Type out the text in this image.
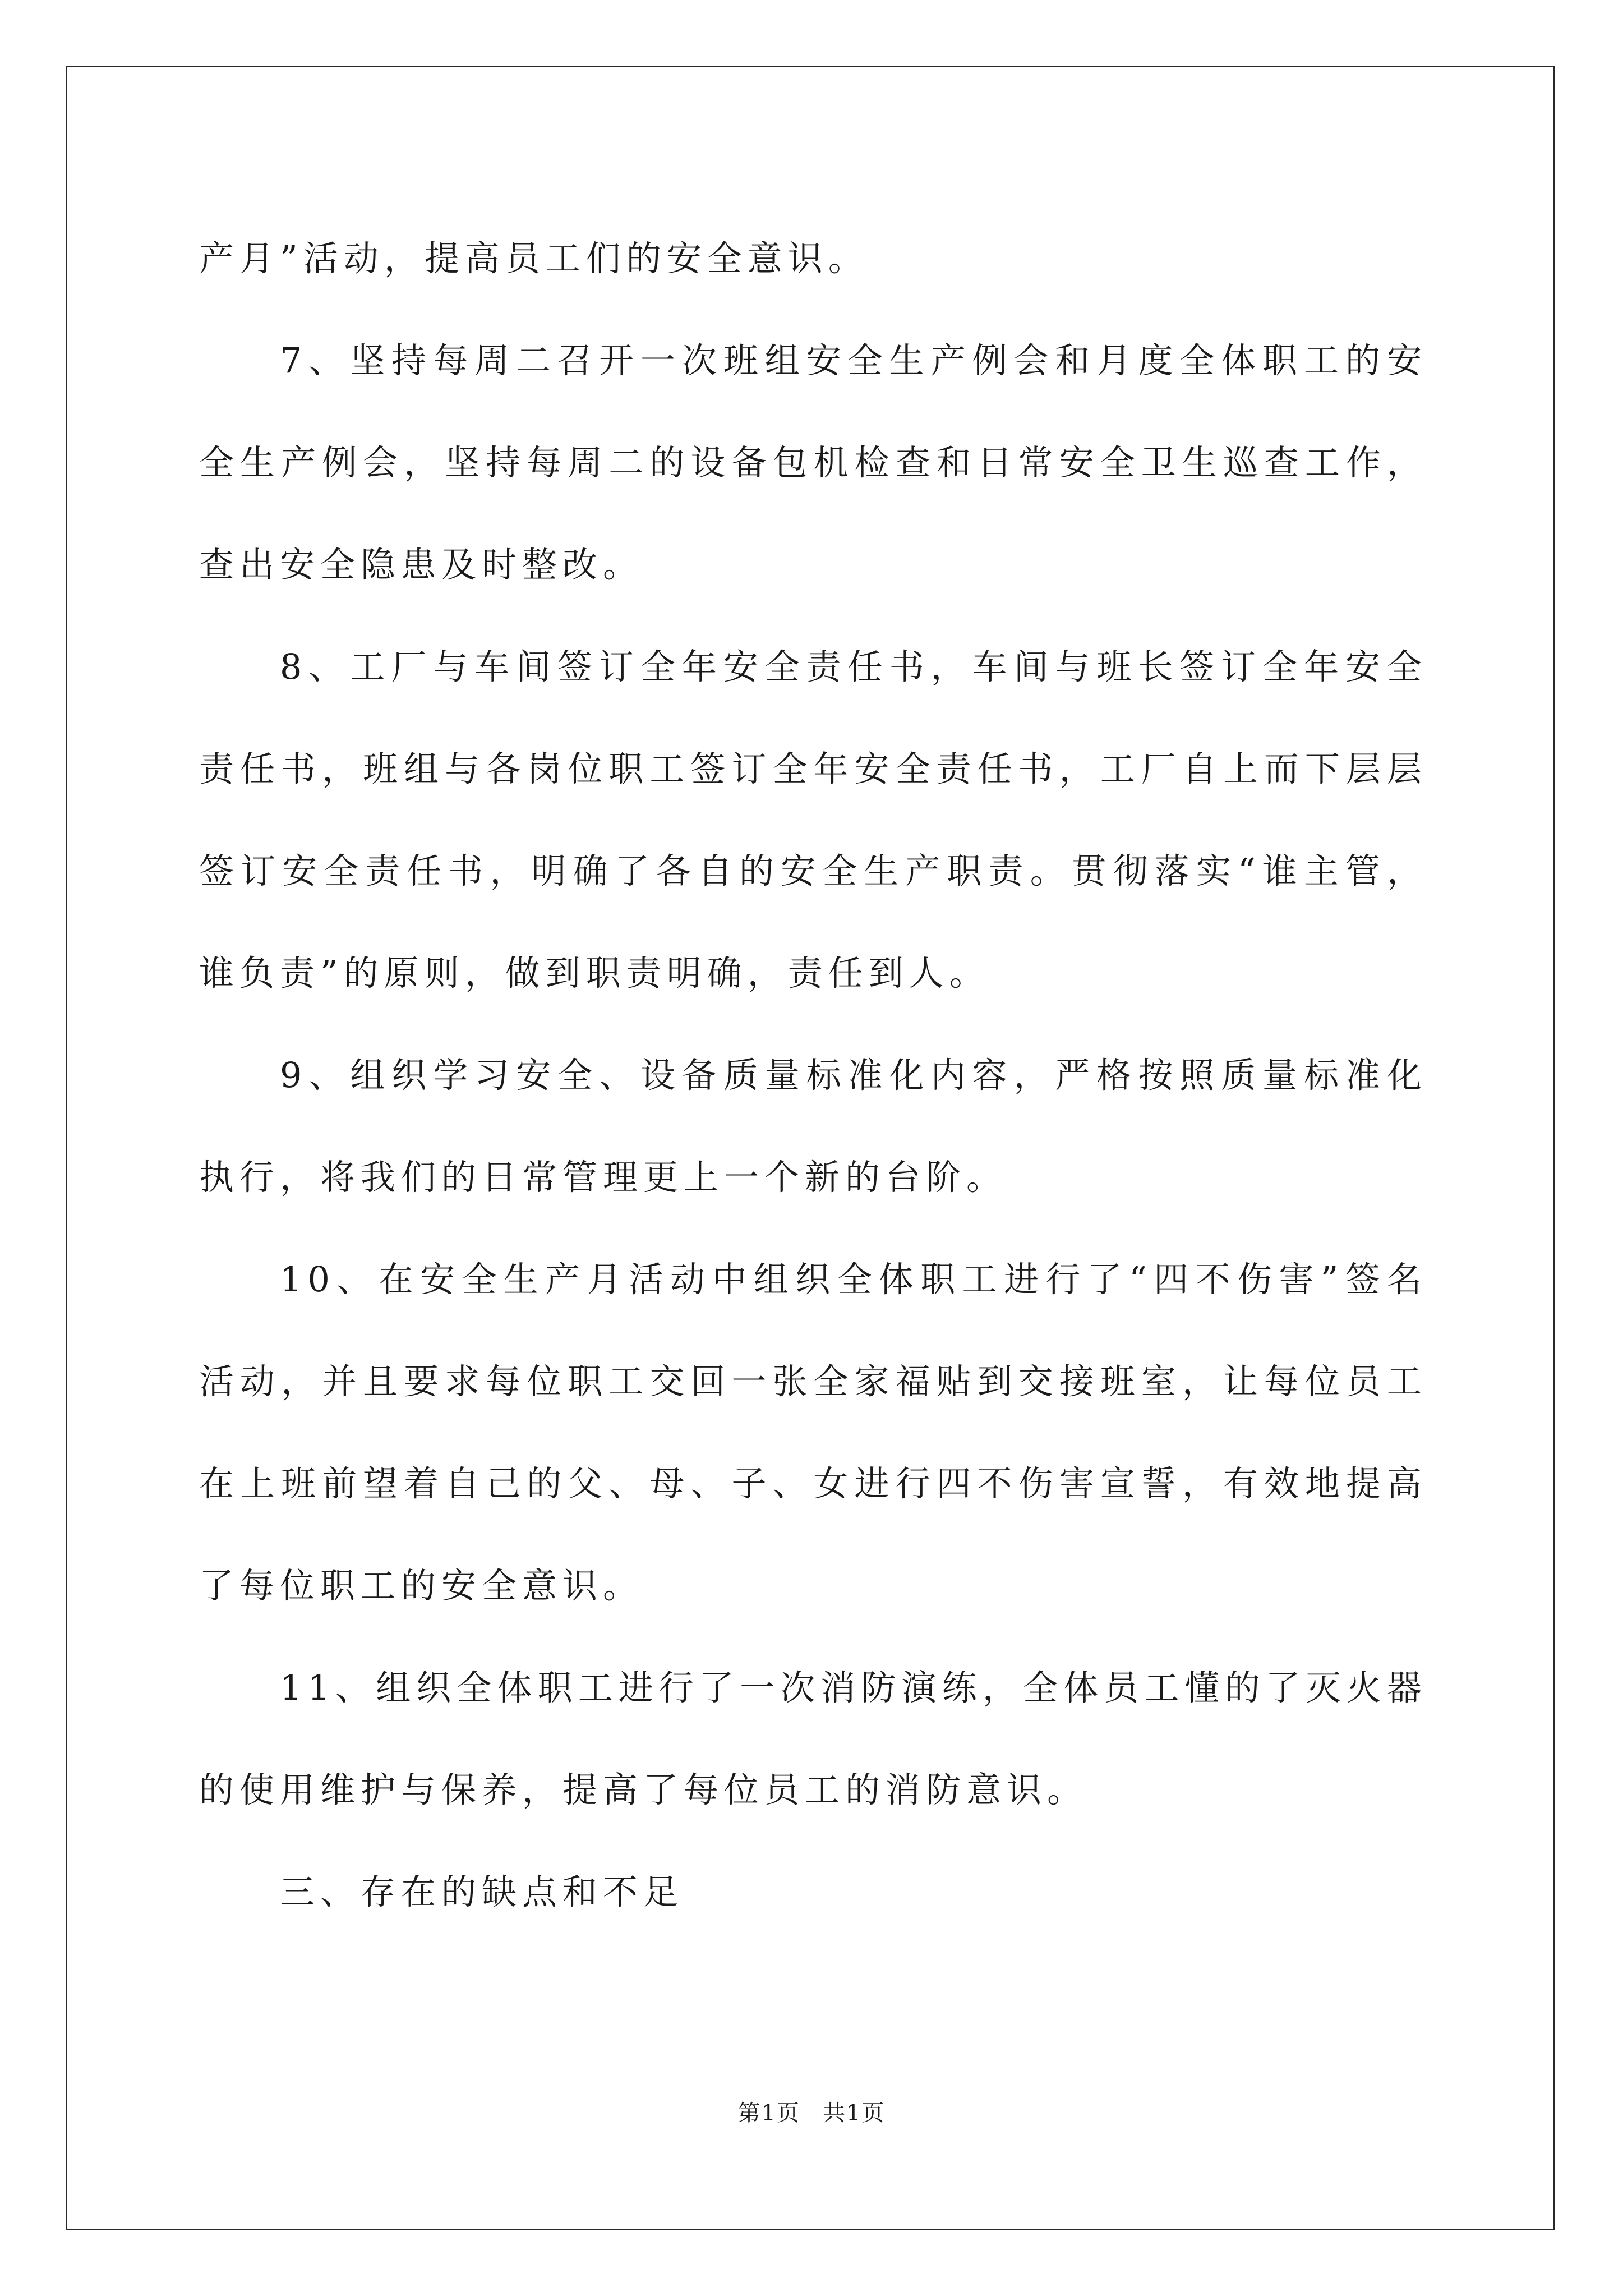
产月”活动，提高员工们的安全意识。

7、坚持每周二召开一次班组安全生产例会和月度全体职工的安全生产例会，坚持每周二的设备包机检查和日常安全卫生巡查工作，查出安全隐患及时整改。

8、工厂与车间签订全年安全责任书，车间与班长签订全年安全责任书，班组与各岗位职工签订全年安全责任书，工厂自上而下层层签订安全责任书，明确了各自的安全生产职责。贯彻落实“谁主管，谁负责”的原则，做到职责明确，责任到人。

9、组织学习安全、设备质量标准化内容，严格按照质量标准化执行，将我们的日常管理更上一个新的台阶。

10、在安全生产月活动中组织全体职工进行了“四不伤害”签名活动，并且要求每位职工交回一张全家福贴到交接班室，让每位员工在上班前望着自己的父、母、子、女进行四不伤害宣誓，有效地提高了每位职工的安全意识。

11、组织全体职工进行了一次消防演练，全体员工懂的了灭火器的使用维护与保养，提高了每位员工的消防意识。

三、存在的缺点和不足

第1页 共1页
